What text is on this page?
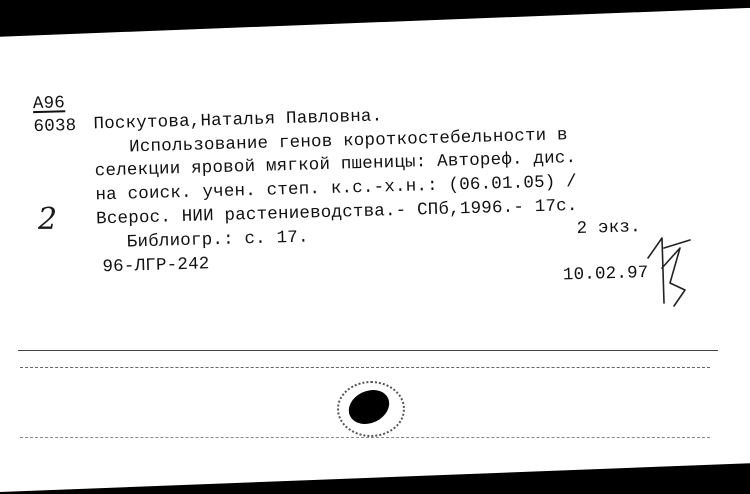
А96
6038 Поскутова,Наталья Павловна.
Использование генов короткостебельности в
селекции яровой мягкой пшеницы: Автореф. дис.
на соиск. учен. степ. к.с.-х.н.: (06.01.05) /
Всерос. НИИ растениеводства.- СПб,1996.- 17с.
2 экз.
Библиогр.: с. 17.
96-ЛГР-242	10.02.97
2
